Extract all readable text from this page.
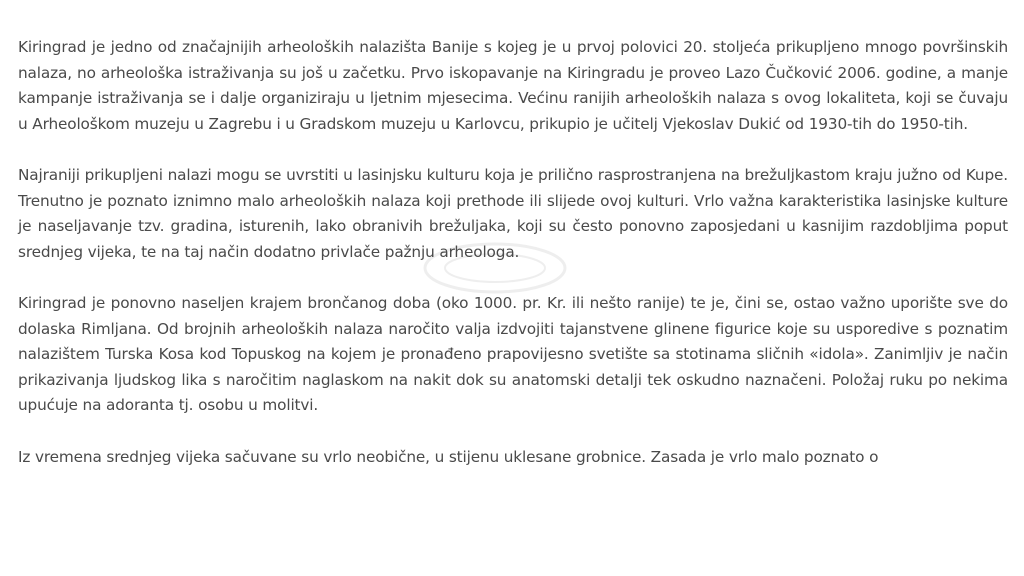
Kiringrad je jedno od značajnijih arheoloških nalazišta Banije s kojeg je u prvoj polovici 20. stoljeća prikupljeno mnogo površinskih nalaza, no arheološka istraživanja su još u začetku. Prvo iskopavanje na Kiringradu je proveo Lazo Čučković 2006. godine, a manje kampanje istraživanja se i dalje organiziraju u ljetnim mjesecima. Većinu ranijih arheoloških nalaza s ovog lokaliteta, koji se čuvaju u Arheološkom muzeju u Zagrebu i u Gradskom muzeju u Karlovcu, prikupio je učitelj Vjekoslav Dukić od 1930-tih do 1950-tih.

Najraniji prikupljeni nalazi mogu se uvrstiti u lasinjsku kulturu koja je prilično rasprostranjena na brežuljkastom kraju južno od Kupe. Trenutno je poznato iznimno malo arheoloških nalaza koji prethode ili slijede ovoj kulturi. Vrlo važna karakteristika lasinjske kulture je naseljavanje tzv. gradina, isturenih, lako obranivih brežuljaka, koji su često ponovno zaposjedani u kasnijim razdobljima poput srednjeg vijeka, te na taj način dodatno privlače pažnju arheologa.

Kiringrad je ponovno naseljen krajem brončanog doba (oko 1000. pr. Kr. ili nešto ranije) te je, čini se, ostao važno uporište sve do dolaska Rimljana. Od brojnih arheoloških nalaza naročito valja izdvojiti tajanstvene glinene figurice koje su usporedive s poznatim nalazištem Turska Kosa kod Topuskog na kojem je pronađeno prapovijesno svetište sa stotinama sličnih «idola». Zanimljiv je način prikazivanja ljudskog lika s naročitim naglaskom na nakit dok su anatomski detalji tek oskudno naznačeni. Položaj ruku po nekima upućuje na adoranta tj. osobu u molitvi.

Iz vremena srednjeg vijeka sačuvane su vrlo neobične, u stijenu uklesane grobnice. Zasada je vrlo malo poznato o
